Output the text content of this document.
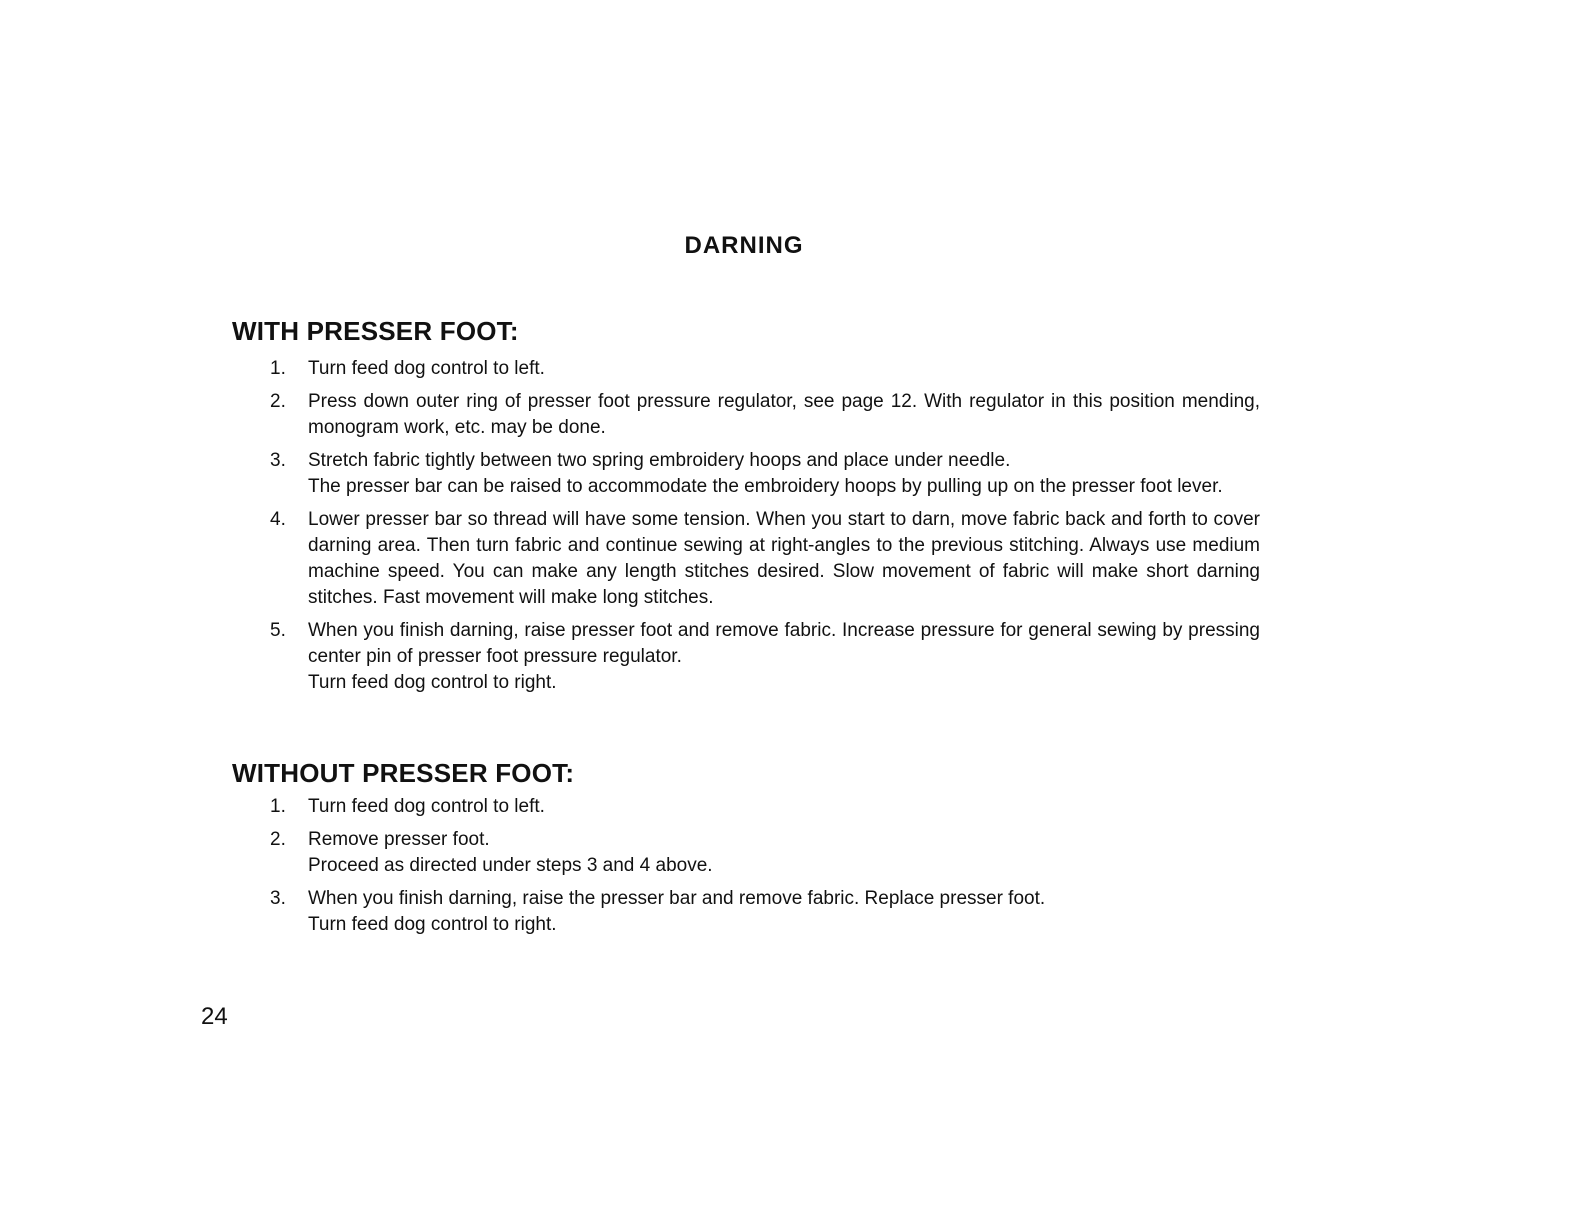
DARNING
WITH PRESSER FOOT:
1.	Turn feed dog control to left.
2.	Press down outer ring of presser foot pressure regulator, see page 12. With regulator in this position mending, monogram work, etc. may be done.
3.	Stretch fabric tightly between two spring embroidery hoops and place under needle.
The presser bar can be raised to accommodate the embroidery hoops by pulling up on the presser foot lever.
4.	Lower presser bar so thread will have some tension. When you start to darn, move fabric back and forth to cover darning area. Then turn fabric and continue sewing at right-angles to the previous stitching. Always use medium machine speed. You can make any length stitches desired. Slow movement of fabric will make short darning stitches. Fast movement will make long stitches.
5.	When you finish darning, raise presser foot and remove fabric. Increase pressure for general sewing by pressing center pin of presser foot pressure regulator.
Turn feed dog control to right.
WITHOUT PRESSER FOOT:
1.	Turn feed dog control to left.
2.	Remove presser foot.
Proceed as directed under steps 3 and 4 above.
3.	When you finish darning, raise the presser bar and remove fabric. Replace presser foot.
Turn feed dog control to right.
24
